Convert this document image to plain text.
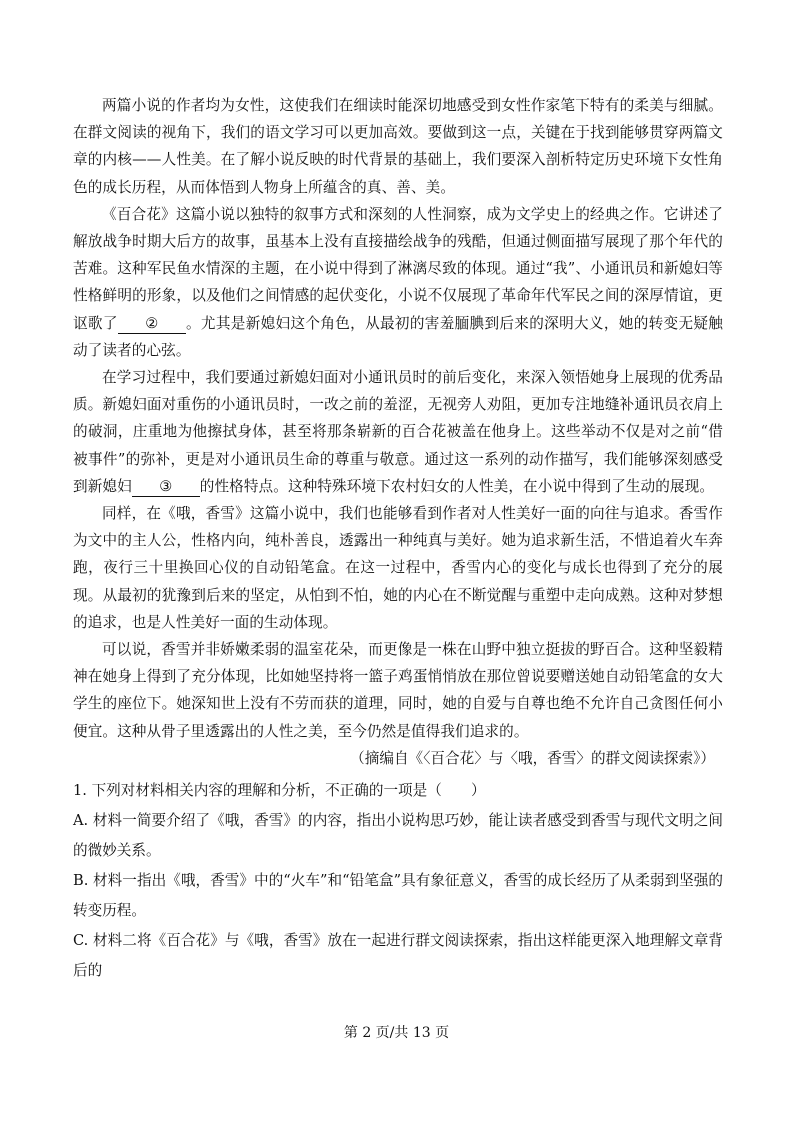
两篇小说的作者均为女性，这使我们在细读时能深切地感受到女性作家笔下特有的柔美与细腻。在群文阅读的视角下，我们的语文学习可以更加高效。要做到这一点，关键在于找到能够贯穿两篇文章的内核——人性美。在了解小说反映的时代背景的基础上，我们要深入剖析特定历史环境下女性角色的成长历程，从而体悟到人物身上所蕴含的真、善、美。

《百合花》这篇小说以独特的叙事方式和深刻的人性洞察，成为文学史上的经典之作。它讲述了解放战争时期大后方的故事，虽基本上没有直接描绘战争的残酷，但通过侧面描写展现了那个年代的苦难。这种军民鱼水情深的主题，在小说中得到了淋漓尽致的体现。通过“我”、小通讯员和新媳妇等性格鲜明的形象，以及他们之间情感的起伏变化，小说不仅展现了革命年代军民之间的深厚情谊，更讴歌了 ② 。尤其是新媳妇这个角色，从最初的害羞腼腆到后来的深明大义，她的转变无疑触动了读者的心弦。

在学习过程中，我们要通过新媳妇面对小通讯员时的前后变化，来深入领悟她身上展现的优秀品质。新媳妇面对重伤的小通讯员时，一改之前的羞涩，无视旁人劝阻，更加专注地缝补通讯员衣肩上的破洞，庄重地为他擦拭身体，甚至将那条崭新的百合花被盖在他身上。这些举动不仅是对之前“借被事件”的弥补，更是对小通讯员生命的尊重与敬意。通过这一系列的动作描写，我们能够深刻感受到新媳妇 ③ 的性格特点。这种特殊环境下农村妇女的人性美，在小说中得到了生动的展现。

同样，在《哦，香雪》这篇小说中，我们也能够看到作者对人性美好一面的向往与追求。香雪作为文中的主人公，性格内向，纯朴善良，透露出一种纯真与美好。她为追求新生活，不惜追着火车奔跑，夜行三十里换回心仪的自动铅笔盒。在这一过程中，香雪内心的变化与成长也得到了充分的展现。从最初的犹豫到后来的坚定，从怕到不怕，她的内心在不断觉醒与重塑中走向成熟。这种对梦想的追求，也是人性美好一面的生动体现。

可以说，香雪并非娇嫩柔弱的温室花朵，而更像是一株在山野中独立挺拔的野百合。这种坚毅精神在她身上得到了充分体现，比如她坚持将一篮子鸡蛋悄悄放在那位曾说要赠送她自动铅笔盒的女大学生的座位下。她深知世上没有不劳而获的道理，同时，她的自爱与自尊也绝不允许自己贪图任何小便宜。这种从骨子里透露出的人性之美，至今仍然是值得我们追求的。

（摘编自《〈百合花〉与〈哦，香雪〉的群文阅读探索》）

1. 下列对材料相关内容的理解和分析，不正确的一项是（　　）

A. 材料一简要介绍了《哦，香雪》的内容，指出小说构思巧妙，能让读者感受到香雪与现代文明之间的微妙关系。

B. 材料一指出《哦，香雪》中的“火车”和“铅笔盒”具有象征意义，香雪的成长经历了从柔弱到坚强的转变历程。

C. 材料二将《百合花》与《哦，香雪》放在一起进行群文阅读探索，指出这样能更深入地理解文章背后的

第 2 页/共 13 页
